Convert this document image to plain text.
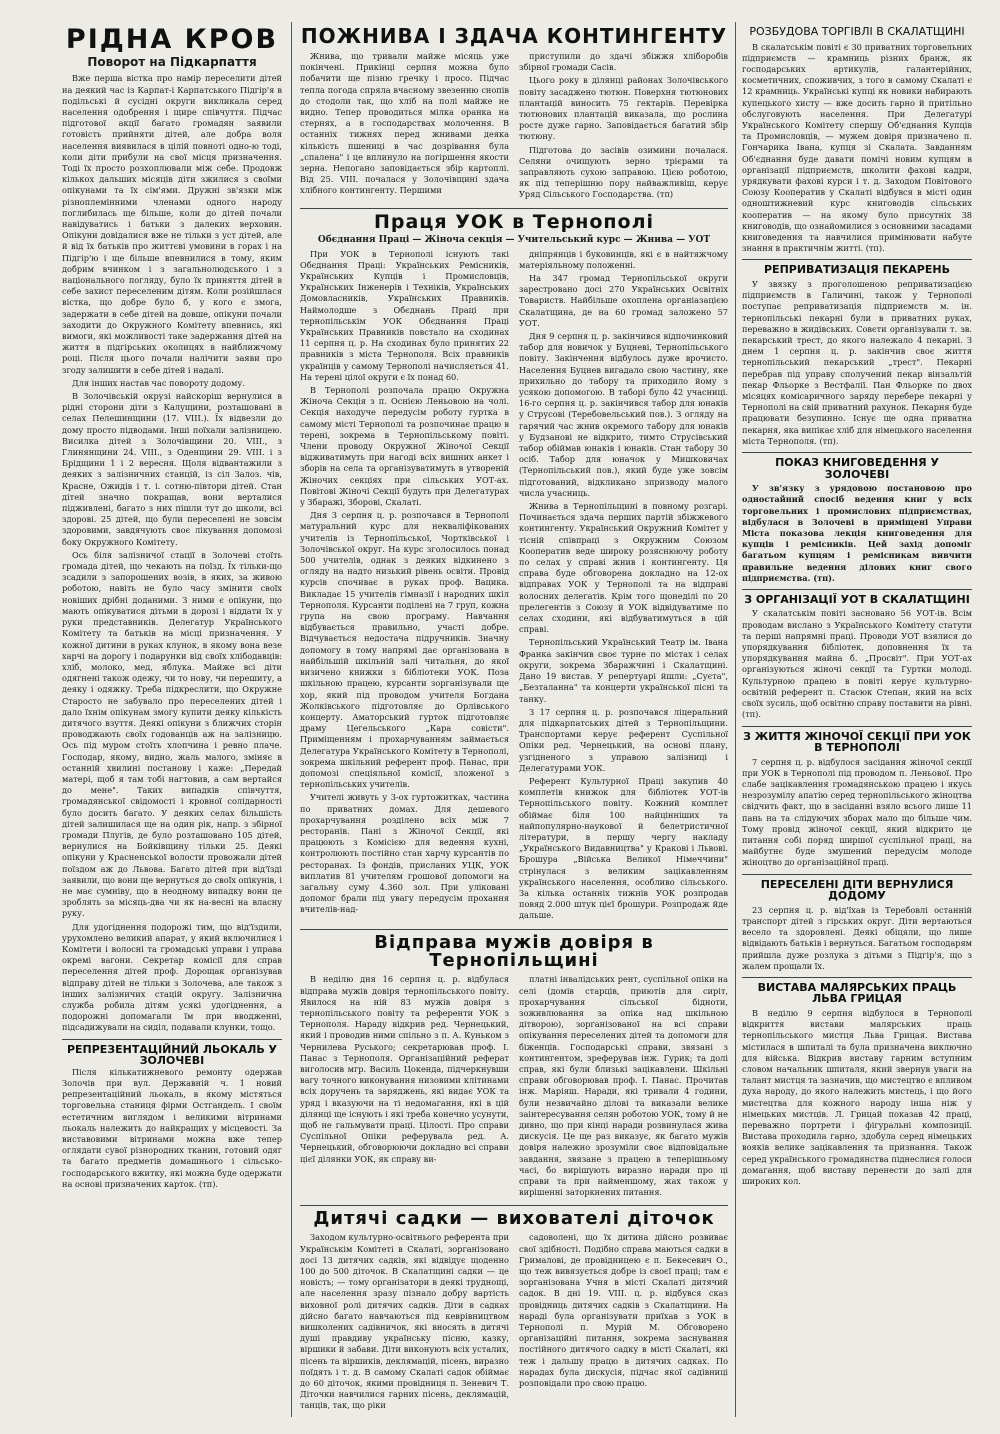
РІДНА КРОВ
Поворот на Підкарпаття

Вже перша вістка про намір переселити дітей на деякий час із Карпат-і Карпатського Підгір'я в подільські й сусідні округи викликала серед населення одобрення і щире співчуття. Підчас підготової акції багато громадян заявили готовість прийняти дітей, але добра воля населення виявилася в цілій повноті одно-ю тоді, коли діти прибули на свої місця призначення. Тоді їх просто розхоплювали між себе. Продовж кількох дальших місяців діти зжилися з своїми опікунами та їх сім'ями. Дружні зв'язки між різноплемінними членами одного народу поглибилась ще більше, коли до дітей почали навідуватись і батьки з далеких верховин. Опікуни довідалися вже не тільки з уст дітей, але й від їх батьків про життєві умовини в горах і на Підгір'ю і ще більше впевнилися в тому, яким добрим вчинком і з загальнолюдського і з національного погляду, було їх приняття дітей в себе захист переселеним дітям. Коли розійшлася вістка, що добре було б, у кого є змога, задержати в себе дітей на довше, опікуни почали заходити до Окружного Комітету впевнись, які вимоги, які можливості таке задержання дітей на життя в підгірських околицях в найближчому році. Після цього почали налічити заяви про згоду залишити в себе дітей і надалі.

Для інших настав час повороту додому.

В Золочівській окрузі найскоріш вернулися в рідні сторони діти з Калущини, розташовані в селах Пелешинщини (17. VIII.). Їх відвезли до дому просто підводами. Інші поїхали залізницею. Висилка дітей з Золочівщини 20. VIII., з Глинянщини 24. VIII., з Оденщини 29. VIII. і з Брідщини 1 і 2 вересня. Щоля відвантажили з деяких з залізничних станцій, із сіл Залоз. чів, Красне, Ожидів і т. і. сотню-півтори дітей. Стан дітей значно покращав, вони верталися підживлені, багато з них пішли тут до школи, всі здорові. 25 дітей, що були переселені не зовсім здоровими, завдячують своє лікування допомозі боку Окружного Комітету.

Ось біля залізничої стації в Золочеві стоїть громада дітей, що чекають на поїзд. Їх тільки-що зсадили з запорошених возів, в яких, за живою роботою, навіть не було часу змінити своїх новіших дрібні доданими. З ними є опікуни, що мають опікуватися дітьми в дорозі і віддати їх у руки представників. Делегатур Українського Комітету та батьків на місці призначення. У кожної дитини в руках клунок, в якому вона везе харчі на дорогу і подарунки від своїх хлібодавців: хліб, молоко, мед, яблука. Майже всі діти одягнені також одежу, чи то нову, чи перешиту, а деяку і одяжку. Треба підкреслити, що Окружне Старосто не забувало про переселених дітей і дало їхнім опікунам змогу купити деяку кількість дитячого взуття. Деякі опікуни з ближчих сторін проводжають своїх годованців аж на залізницю. Ось під муром стоїть хлопчина і ревно плаче. Господар, якому, видно, жаль малого, зміняє в останній хвилині постанову і каже: „Передай матері, щоб я там тобі нагтовив, а сам вертайся до мене". Таких випадків співчуття, громадянської свідомості і кровної солідарності було досить багато. У деяких селах більшість дітей залишилася ще на один рік, напр. з збірної громади Плугів, де було розташовано 105 дітей, вернулися на Бойківщину тільки 25. Деякі опікуни у Красненської волости провожали дітей поїздом аж до Львова. Багато дітей при від'їзді заявили, що вони ще вернуться до своїх опікунів, і не має сумніву, що в неодному випадку вони це зроблять за місяць-два чи як на-весні на власну руку.

Для удогіднення подорожі тим, що від'їздили, урухомлено великий апарат, у який включилися і Комітети і волосні та громадські управи і управа окремі вагони. Секретар комісії для справ переселення дітей проф. Дорощак організував відправу дітей не тільки з Золочева, але також з інших залізничих стацій округу. Залізнична служба робила дітям усякі удогіднення, а подорожні допомагали їм при вводженні, підсадижували на сиділ, подавали клунки, тощо.

РЕПРЕЗЕНТАЦІЙНИЙ ЛЬОКАЛЬ У ЗОЛОЧЕВІ

Після кількатижневого ремонту одержав Золочів при вул. Державній ч. 1 новий репрезентаційний льокаль, в якому містяться торговельна станиця фірми Остгандель. І своїм естетичним виглядом і великими вітринами льокаль належить до найкращих у місцевості. За виставовими вітринами можна вже тепер оглядати сувої різнородних тканин, готовий одяг та багато предметів домашнього і сільсько-господарського вжитку, які можна буде одержати на основі призначених карток. (тп).

ПОЖНИВА І ЗДАЧА КОНТИНГЕНТУ

Жнива, що тривали майже місяць уже покінчені. Прикінці серпня можна було побачити ще пізню гречку і просо. Підчас тепла погода спряла вчасному звезенню снопів до стодоли так, що хліб на полі майже не видно. Тепер проводиться мілка оранка на стернях, а в господарствах молочення. В останніх тижнях перед жнивами деяка кількість пшениці в час дозрівання була „спалена" і це вплинуло на погіршення якости зерна. Непогано заповідається збір картоплі. Від 25. VIII. почалася у Золочівщині здача хлібного контингенту. Першими

приступили до здачі збіжжя хліборобів збірної громади Сасів.

Цього року в ділянці районах Золочівського повіту засаджено тютюн. Поверхня тютюнових плантацій виносить 75 гектарів. Перевірка тютюнових плантацій виказала, що рослина росте дуже гарно. Заповідається багатий збір тютюну.

Підготова до засівів озимини почалася. Селяни очищують зерно трієрами та заправляють сухою заправою. Цією роботою, як під теперішню пору найважливіш, керує Уряд Сільського Господарства. (тп)

Праця УОК в Тернополі
Обєднання Праці — Жіноча секція — Учительський курс — Жнива — УОТ

При УОК в Тернополі існують такі Обєднання Праці: Українських Ремісників, Українських Купців і Промисловців, Українських Інженерів і Техніків, Українських Домовласників, Українських Правників. Наймолодше з Обєднань Праці при тернопільськім УОК Обєднання Праці Українських Правників повстало на сходинах 11 серпня ц. р. На сходинах було принятих 22 правників з міста Тернополя. Всіх правників українців у самому Тернополі начисляється 41. На терені цілої округи є їх понад 60.

В Тернополі розпочала працю Окружна Жіноча Секція з п. Оснією Леньовою на чолі. Секція находуче передусім роботу гуртка в самому місті Тернополі та розпочинає працю в терені, зокрема в Тернопільському повіті. Члени проводу Окружної Жіночої Секції відживатимуть при нагоді всіх вишних анкет і зборів на села та організуватимуть в утвореній Жіночих секціях при сільських УОТ-ах. Повітові Жіночі Секції будуть при Делегатурах у Збаражі, Зборові, Скалаті.

Дня 3 серпня ц. р. розпочався в Тернополі матуральний курс для некваліфікованих учителів із Тернопільської, Чортківської і Золочівської округ. На курс зголосилось понад 500 учителів, однак з деяких відкинено з огляду на надто низький рівень освіти. Провід курсів спочиває в руках проф. Вацика. Викладає 15 учителів гімназії і народних шкіл Тернополя. Курсанти поділені на 7 груп, кожна група на свою програму. Навчання відбувається правильно, участі добре. Відчувається недостача підручників. Значну допомогу в тому напрямі дає організована в найбільшій шкільній залі читальня, до якої визичено книжки з бібліотеки УОК. Поза шкільною працею, курсанти зорганізували ще хор, який під проводом учителя Богдана Жолківського підготовляє до Орлівського концерту. Аматорський гурток підготовляє драму Цегельського „Кара совісти". Приміщенням і прохарчуванням займається Делегатура Українського Комітету в Тернополі, зокрема шкільний референт проф. Панас, при допомозі спеціяльної комісії, зложеної з тернопільських учителів.

Учителі живуть у 3-ох гуртожитках, частина по приватних домах. Для дешевого прохарчування розділено всіх між 7 ресторанів. Пані з Жіночої Секції, які працюють з Комісією для ведення кухні, контролюють постійно стан харчу курсантів по ресторанах. Із фондів, присланих УЦК, УОК виплатив 81 учителям грошової допомоги на загальну суму 4.360 зол. При уліковані допомог брали під увагу передусім прохання вчителів-над-

дніпрянців і буковинців, які є в найтяжчому матеріяльному положенні.

На 347 громад Тернопільської округи зарестровано досі 270 Українських Освітніх Товариств. Найбільше охоплена органіазацією Скалатщина, де на 60 громад заложено 57 УОТ.

Дня 9 серпня ц. р. закінчився відпочинковий табор для новичок у Буцневі, Тернопільського повіту. Закінчення відбулось дуже врочисто. Населення Буцнев вигадало свою частину, яке прихильно до табору та приходило йому з усякою допомогою. В таборі було 42 учасниці. 16-го серпня ц. р. закінчився табор для юнаків у Струсові (Теребовельський пов.). З огляду на гарячий час жнив окремого табору для юнаків у Будзанові не відкрито, тимто Струсівський табор обіймав юнаків і юнаків. Стан табору 30 осіб. Табор для юначок у Мишковичах (Тернопільський пов.), який буде уже зовсім підготований, відкликано зпризводу малого числа учасниць.

Жнива в Тернопільщині в повному розгарі. Починається здача перших партій збіжжевого контингенту. Український Окружний Комітет у тісній співпраці з Окружним Союзом Кооператив веде широку розяснюючу роботу по селах у справі жнив і контингенту. Ця справа буде обговорена докладно на 12-ох відправах УОК у Тернополі та на відправі волосних делегатів. Крім того щонеділі по 20 прелегентів з Союзу й УОК відвідуватиме по селах сходини, які відбуватимуться в цій справі.

Тернопільський Український Театр ім. Івана Франка закінчив своє турне по містах і селах округи, зокрема Збаражчині і Скалатщині. Дано 19 вистав. У репертуарі йшли: „Суєта", „Безталанна" та концерти української пісні та танку.

З 17 серпня ц. р. розпочався ліцеральний для підкарпатських дітей з Тернопільщини. Транспортами керує референт Суспільної Опіки ред. Чернецький, на основі плану, узгідненого з управою залізниці і Делегатурами УОК.

Референт Культурної Праці закупив 40 комплетів книжок для бібліотек УОТ-ів Тернопільського повіту. Кожний комплет обіймає біля 100 найцінніших та найпопулярно-наукової й белетристичної літератури, в першу чергу накладу „Українського Видавництва" у Кракові і Львові. Брошура „Війська Великої Німеччини" стрінулася з великим зацікавленням українського населення, особливо сільського. За кілька останніх тижнів УОК розпродав повяд 2.000 штук цієї брошури. Розпродаж йде дальше.

Відправа мужів довіря в Тернопільщині

В неділю дня 16 серпня ц. р. відбулася відправа мужів довіря тернопільського повіту. Явилося на ній 83 мужів довіря з тернопільського повіту та референти УОК з Тернополя. Нараду відкрив ред. Чернецький, який і проводив ними спільно з п. А. Куньком з Чернилева Руського; секретарював проф. І. Панас з Тернополя. Організаційний реферат виголосив мгр. Василь Цокенда, підчеркнувши вагу точного виконування низовими клітинами всіх доручень та заряджень, які видає УОК та уряд і вказуючи на ті недомагання, які в цій ділянці ще існують і які треба конечно усунути, щоб не гальмувати праці. Цілості. Про справи Суспільної Опіки реферувала ред. А. Чернецький, обговорюючи докладно всі справи цієї ділянки УОК, як справу ви-

платні інвалідських рент, суспільної опіки на селі (домів старців, приютів для сиріт, прохарчування сільської бідноти, зоживлювання за опіка над шкільною дітворою), зорганізованої на всі справи опікування переселених дітей та допомоги для біженців. Господарські справи, звязані з контингентом, зреферував інж. Гурик; та долі справ, які були близькі зацікавлени. Шкільні справи обговорював проф. І. Панас. Прочитав інж. Маріяш. Наради, які тривали 4 години, були незвичайно ділові та виказали велике заінтересування селян роботою УОК, тому й не дивно, що при кінці наради розвинулася жива дискусія. Це ще раз виказує, як багато мужів довіря належно зрозуміли своє відповідальне завдання, звязане з працею в теперішньому часі, бо вирішують виразно наради про ці справи та при найменшому, жах також у вирішенні заторкнених питання.

Дитячі садки — вихователі діточок

Заходом культурно-освітнього референта при Українськім Комітеті в Скалаті, зорганізовано досі 13 дитячих садків, які відвідує щоденно 100 до 500 діточок. В Скалатщині садки — це новість; — тому організатори в деякі труднощі, але населення зразу пізнало добру вартість виховної ролі дитячих садків. Діти в садках дійсно багато навчаються під кеврівництвом вишколених садівничок, які вносять в дитячі душі правдиву українську пісню, казку, віршики й забави. Діти виконують всіх усталих, пісень та віршиків, деклямацій, пісень, виразно поїдять і т. д. В самому Скалаті садок обіймає до 60 діточок, якими провідниця п. Зеневич Т. Діточки навчилися гарних пісень, деклямацій, танців, так, що ріки

садоволені, що їх дитина дійсно розвиває свої здібності. Подібно справа маються садки в Грималові, де провідницею є п. Бекесевич О., що теж вивязується добре із своєї праці; там є зорганізована Учня в місті Скалаті дитячий садок. В дні 19. VIII. ц. р. відбувся сказ провідниць дитячих садків з Скалатщини. На нараді була організувати приїхав з УОК в Тернополі п. Мурій М. Обговорено організаційні питання, зокрема заснування постійного дитячого садку в місті Скалаті, які теж і дальшу працю в дитячих садках. По нарадах була дискусія, підчас якої садівниці розповідали про свою працю.

РОЗБУДОВА ТОРГІВЛІ В СКАЛАТЩИНІ

В скалатськім повіті є 30 приватних торговельних підприємств — крамниць різних бранж, як господарських артикулів, галантерійних, косметичних, споживчих, з того в самому Скалаті є 12 крамниць. Українські купці як новики набирають купецького хисту — вже досить гарно й притільно обслуговують населення. При Делегатурі Українського Комітету спершу Об'єднання Купців та Промисловців, — мужем довіря призначено п. Гончарика Івана, купця зі Скалата. Завданням Об'єднання буде давати помічі новим купцям в організації підприємств, школити фахові кадри, урядкувати фахові курси і т. д. Заходом Повітового Союзу Кооператив у Скалаті відбувся в місті один одноштижневий курс книговодів сільських кооператив — на якому було присутніх 38 книговодів, що ознайомилися з основними засадами книговедення та навчилися примінювати набуте знання в практичнім житті. (тп).

РЕПРИВАТИЗАЦІЯ ПЕКАРЕНЬ

У звязку з проголошеною реприватизацією підприємств в Галичині, також у Тернополі поступає реприватизація підприємств м. ін. тернопільські пекарні були в приватних руках, переважно в жидівських. Совєти організували т. зв. пекарський трест, до якого належало 4 пекарні. З днем 1 серпня ц. р. закінчив своє життя тернопільський пекарський „трест". Пекарні перебрав під управу сполучений пекар вінзальтій пекар Фльорке з Вестфалії. Пан Фльорке по двох місяцях комісаричного заряду переберe пекарні у Тернополі на свій приватний рахунок. Пекарня буде працювати безупинно. Існує ще одна приватна пекарня, яка випікає хліб для німецького населення міста Тернополя. (тп).

ПОКАЗ КНИГОВЕДЕННЯ У ЗОЛОЧЕВІ

У зв'язку з урядовою постановою про одностайний спосіб ведення книг у всіх торговельних і промислових підприємствах, відбулася в Золочеві в приміщені Управи Міста показова лекція книговедення для купців і ремісників. Цей захід допоміг багатьом купцям і ремісникам вивчити правильне ведення ділових книг свого підприємства. (тп).

З ОРГАНІЗАЦІЇ УОТ В СКАЛАТЩИНІ

У скалатськім повіті засновано 56 УОТ-ів. Всім проводам вислано з Українського Комітету статути та перші напрямні праці. Проводи УОТ взялися до упорядкування бібліотек, доповнення їх та упорядкування майна б. „Просвіт". При УОТ-ах організуються жіночі секції та Гуртки молоді. Культурною працею в повіті керує культурно-освітній референт п. Стасюк Степан, який на всіх своїх зусиль, щоб освітню справу поставити на рівні. (тп).

З ЖИТТЯ ЖІНОЧОЇ СЕКЦІЇ ПРИ УОК В ТЕРНОПОЛІ

7 серпня ц. р. відбулося засідання жіночої секції при УОК в Тернополі під проводом п. Леньової. Про слабе зацікавлення громадянською працею і якусь незрозумілу апатію серед тернопільського жіноцтва свідчить факт, що в засіданні взяло всього лише 11 пань на та слідуючих зборах мало що більше чим. Тому провід жіночої секції, який відкрито це питання собі поряд ширшої суспільної праці, на майбутнє буде змушений передусім молоде жіноцтво до організаційної праці.

ПЕРЕСЕЛЕНІ ДІТИ ВЕРНУЛИСЯ ДОДОМУ

23 серпня ц. р. від'їхав із Теребовлі останній транспорт дітей з гірських округ. Діти вертаються весело та здоровлені. Деякі обіцяли, що лише відвідають батьків і вернуться. Багатьом господарям прийшла дуже розлука з дітьми з Підгір'я, що з жалем прощали їх.

ВИСТАВА МАЛЯРСЬКИХ ПРАЦЬ ЛЬВА ГРИЦАЯ

В неділю 9 серпня відбулося в Тернополі відкриття вистави малярських праць тернопільського мистця Льва Грицая. Вистава містилася в шпиталі та була призначена виключно для війська. Відкрив виставу гарним вступним словом начальник шпиталя, який звернув уваги на талант мистця та зазначив, що мистецтво є впливом духа народу, до якого належить мистець, і що його мистецтва для кожного народу інша ніж у німецьких мистців. Л. Грицай показав 42 праці, переважно портрети і фігуральні композиції. Вистава проходила гарно, здобула серед німецьких вояків велике зацікавлення та признання. Також серед українського громадянства піднеслися голоси домагання, щоб виставу перенести до залі для широких кол.
